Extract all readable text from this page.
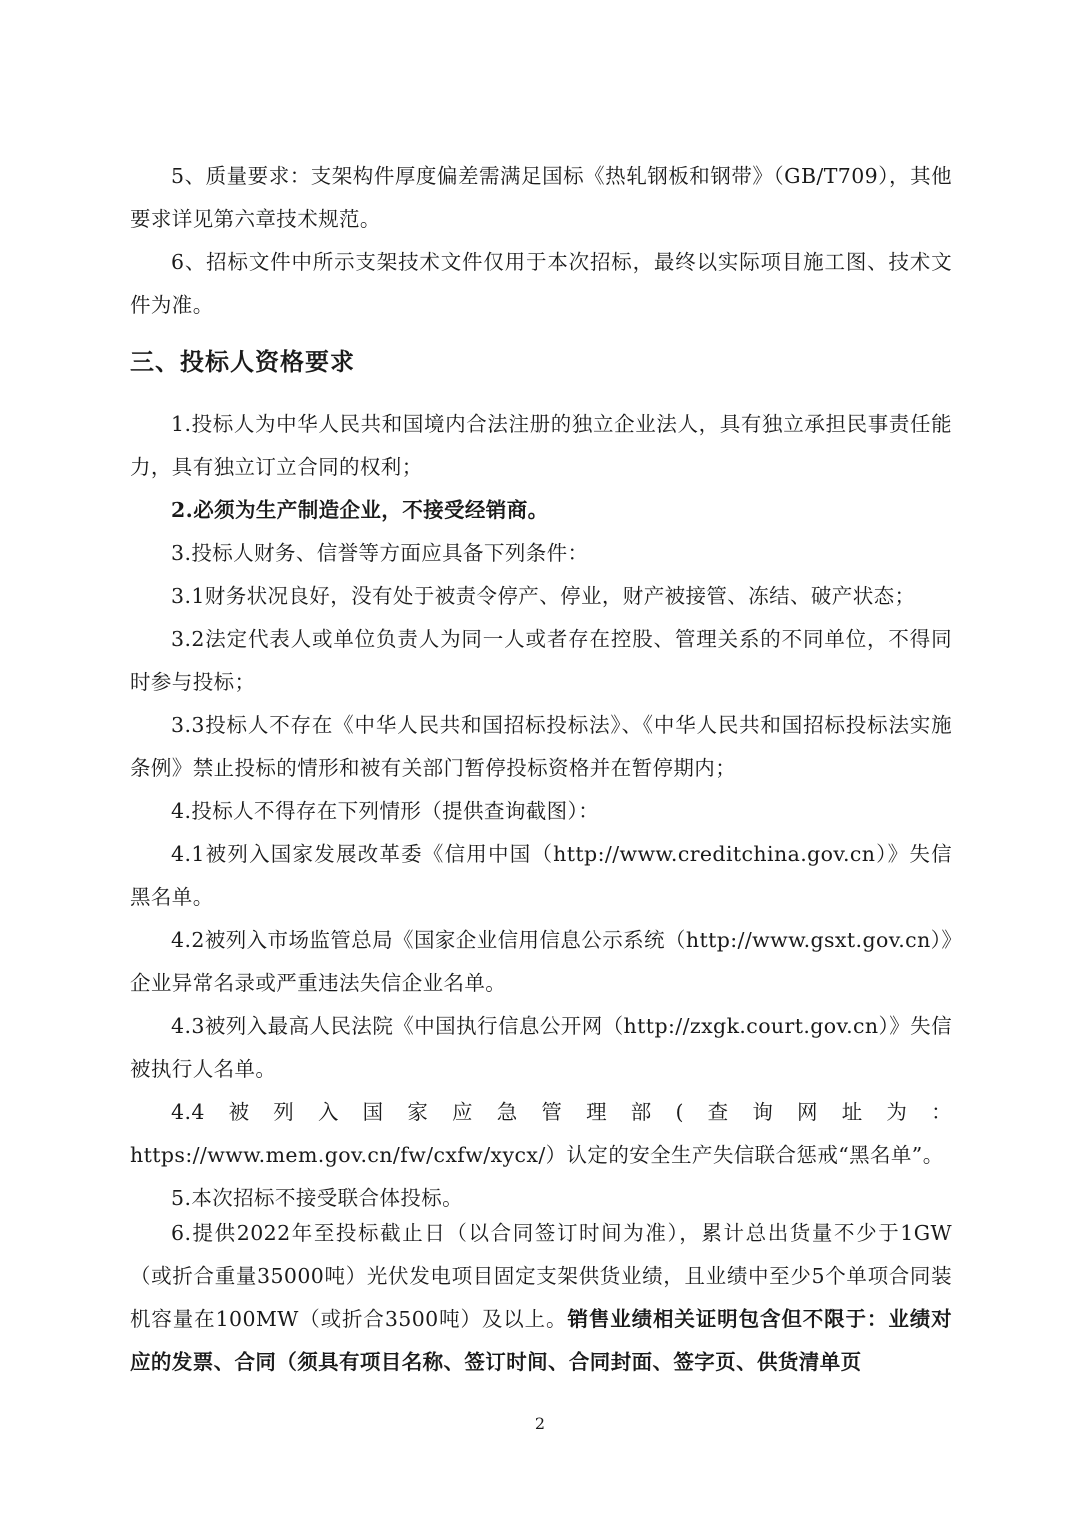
5、质量要求：支架构件厚度偏差需满足国标《热轧钢板和钢带》（GB/T709），其他要求详见第六章技术规范。

6、招标文件中所示支架技术文件仅用于本次招标，最终以实际项目施工图、技术文件为准。

三、投标人资格要求

1.投标人为中华人民共和国境内合法注册的独立企业法人，具有独立承担民事责任能力，具有独立订立合同的权利；

2.必须为生产制造企业，不接受经销商。

3.投标人财务、信誉等方面应具备下列条件：

3.1财务状况良好，没有处于被责令停产、停业，财产被接管、冻结、破产状态；

3.2法定代表人或单位负责人为同一人或者存在控股、管理关系的不同单位，不得同时参与投标；

3.3投标人不存在《中华人民共和国招标投标法》、《中华人民共和国招标投标法实施条例》禁止投标的情形和被有关部门暂停投标资格并在暂停期内；

4.投标人不得存在下列情形（提供查询截图）：

4.1被列入国家发展改革委《信用中国（http://www.creditchina.gov.cn）》失信黑名单。

4.2被列入市场监管总局《国家企业信用信息公示系统（http://www.gsxt.gov.cn）》企业异常名录或严重违法失信企业名单。

4.3被列入最高人民法院《中国执行信息公开网（http://zxgk.court.gov.cn）》失信被执行人名单。

4.4被列入国家应急管理部(查询网址为：https://www.mem.gov.cn/fw/cxfw/xycx/）认定的安全生产失信联合惩戒“黑名单”。

5.本次招标不接受联合体投标。

6.提供2022年至投标截止日（以合同签订时间为准），累计总出货量不少于1GW（或折合重量35000吨）光伏发电项目固定支架供货业绩，且业绩中至少5个单项合同装机容量在100MW（或折合3500吨）及以上。销售业绩相关证明包含但不限于：业绩对应的发票、合同（须具有项目名称、签订时间、合同封面、签字页、供货清单页

2
